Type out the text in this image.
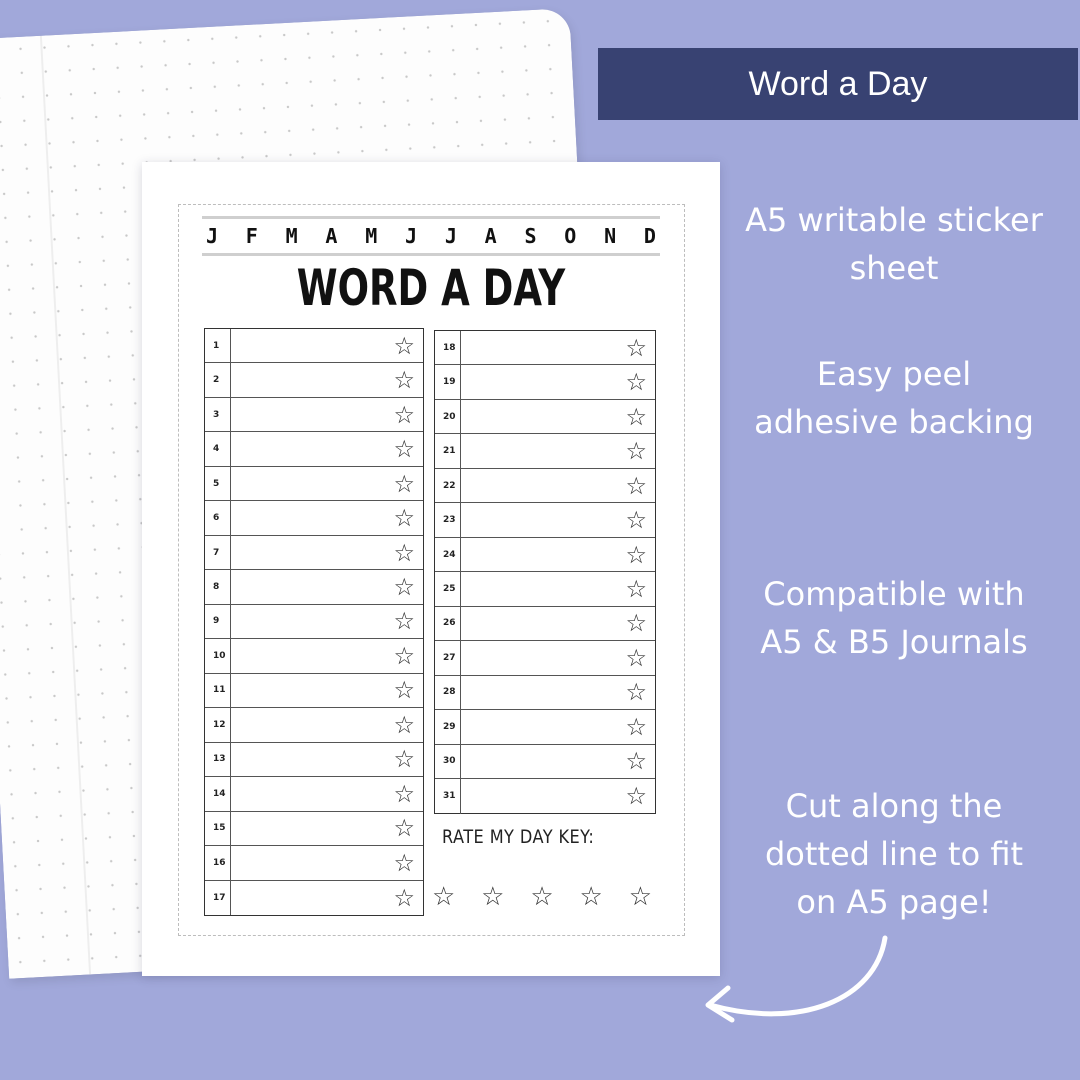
J F M A M J J A S O N D
WORD A DAY
1	☆
2	☆
3	☆
4	☆
5	☆
6	☆
7	☆
8	☆
9	☆
10	☆
11	☆
12	☆
13	☆
14	☆
15	☆
16	☆
17	☆
18	☆
19	☆
20	☆
21	☆
22	☆
23	☆
24	☆
25	☆
26	☆
27	☆
28	☆
29	☆
30	☆
31	☆
RATE MY DAY KEY:
☆ ☆ ☆ ☆ ☆
Word a Day
A5 writable sticker sheet
Easy peel adhesive backing
Compatible with A5 & B5 Journals
Cut along the dotted line to fit on A5 page!
